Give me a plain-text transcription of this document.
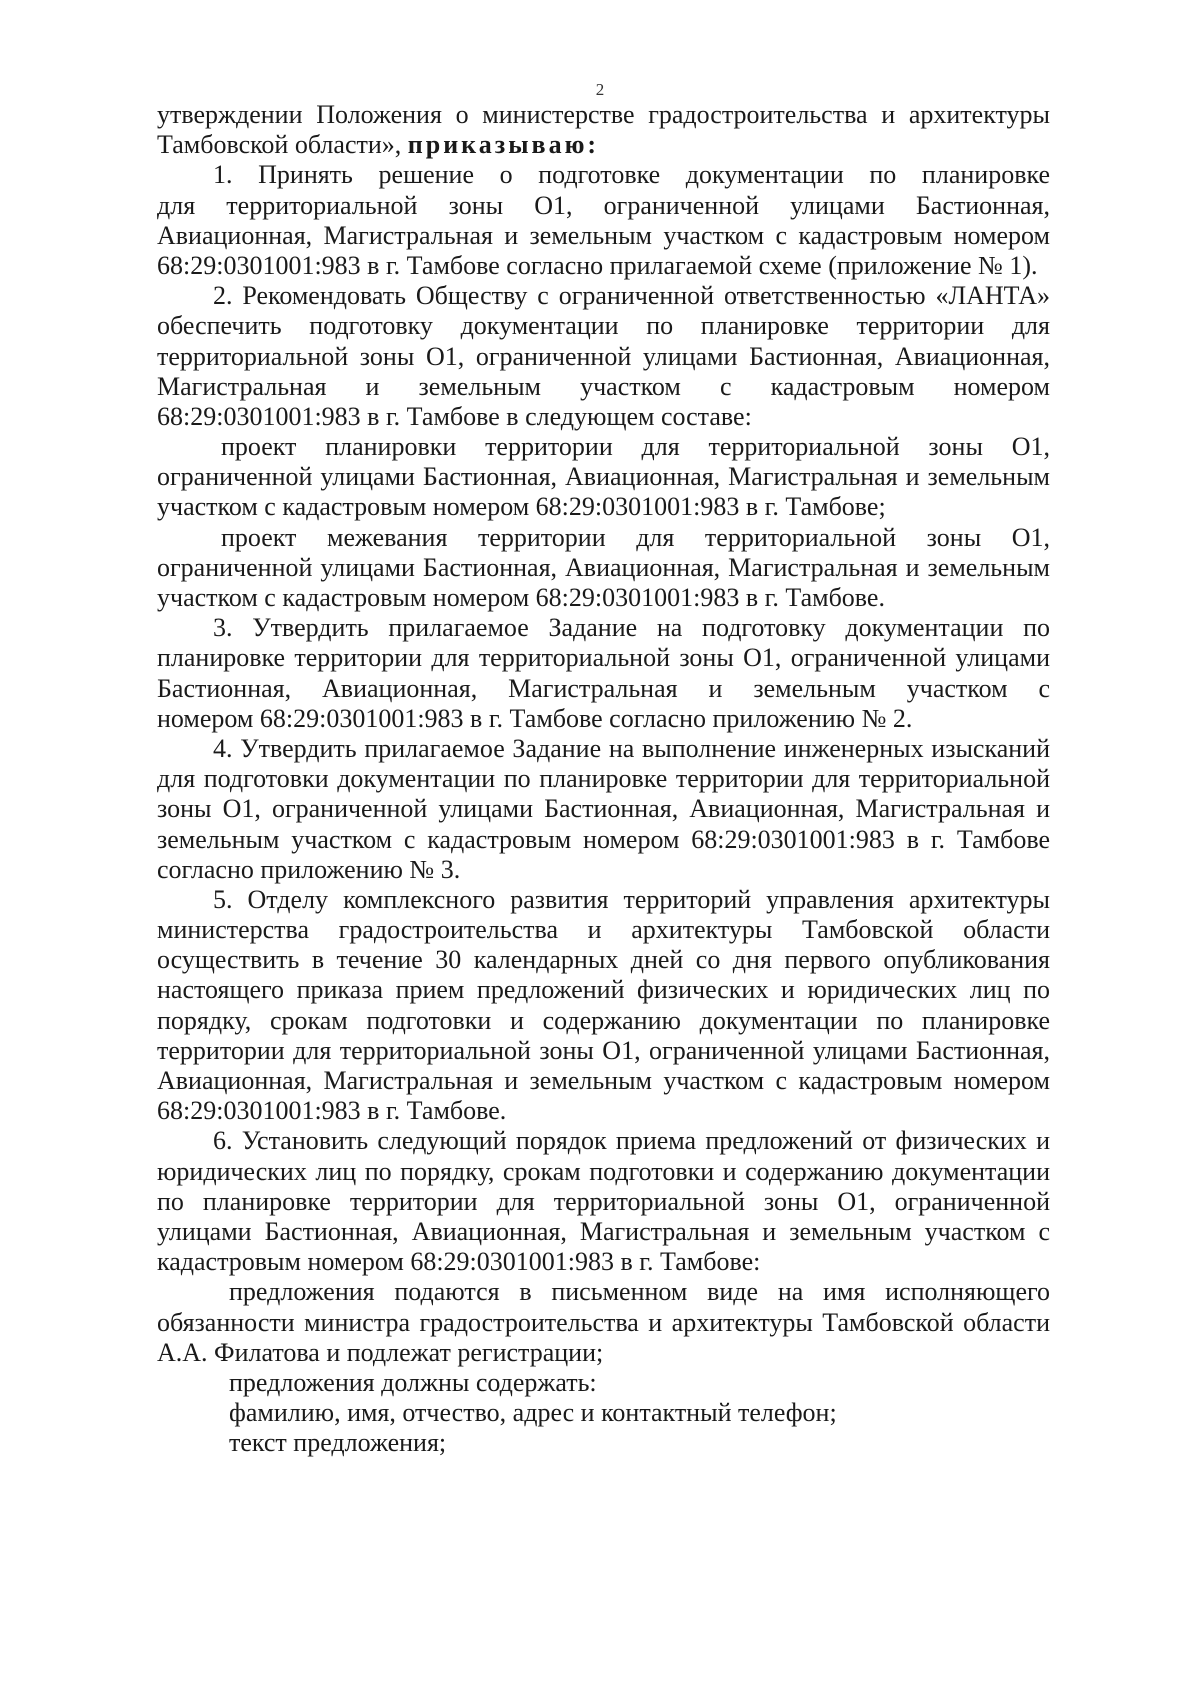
2
утверждении Положения о министерстве градостроительства и архитектуры
Тамбовской области», приказываю:
1. Принять решение о подготовке документации по планировке
для территориальной зоны О1, ограниченной улицами Бастионная,
Авиационная, Магистральная и земельным участком с кадастровым номером
68:29:0301001:983 в г. Тамбове согласно прилагаемой схеме (приложение № 1).
2. Рекомендовать Обществу с ограниченной ответственностью «ЛАНТА»
обеспечить подготовку документации по планировке территории для
территориальной зоны О1, ограниченной улицами Бастионная, Авиационная,
Магистральная и земельным участком с кадастровым номером
68:29:0301001:983 в г. Тамбове в следующем составе:
проект планировки территории для территориальной зоны О1,
ограниченной улицами Бастионная, Авиационная, Магистральная и земельным
участком с кадастровым номером 68:29:0301001:983 в г. Тамбове;
проект межевания территории для территориальной зоны О1,
ограниченной улицами Бастионная, Авиационная, Магистральная и земельным
участком с кадастровым номером 68:29:0301001:983 в г. Тамбове.
3. Утвердить прилагаемое Задание на подготовку документации по
планировке территории для территориальной зоны О1, ограниченной улицами
Бастионная, Авиационная, Магистральная и земельным участком с
номером 68:29:0301001:983 в г. Тамбове согласно приложению № 2.
4. Утвердить прилагаемое Задание на выполнение инженерных изысканий
для подготовки документации по планировке территории для территориальной
зоны О1, ограниченной улицами Бастионная, Авиационная, Магистральная и
земельным участком с кадастровым номером 68:29:0301001:983 в г. Тамбове
согласно приложению № 3.
5. Отделу комплексного развития территорий управления архитектуры
министерства градостроительства и архитектуры Тамбовской области
осуществить в течение 30 календарных дней со дня первого опубликования
настоящего приказа прием предложений физических и юридических лиц по
порядку, срокам подготовки и содержанию документации по планировке
территории для территориальной зоны О1, ограниченной улицами Бастионная,
Авиационная, Магистральная и земельным участком с кадастровым номером
68:29:0301001:983 в г. Тамбове.
6. Установить следующий порядок приема предложений от физических и
юридических лиц по порядку, срокам подготовки и содержанию документации
по планировке территории для территориальной зоны О1, ограниченной
улицами Бастионная, Авиационная, Магистральная и земельным участком с
кадастровым номером 68:29:0301001:983 в г. Тамбове:
предложения подаются в письменном виде на имя исполняющего
обязанности министра градостроительства и архитектуры Тамбовской области
А.А. Филатова и подлежат регистрации;
предложения должны содержать:
фамилию, имя, отчество, адрес и контактный телефон;
текст предложения;
